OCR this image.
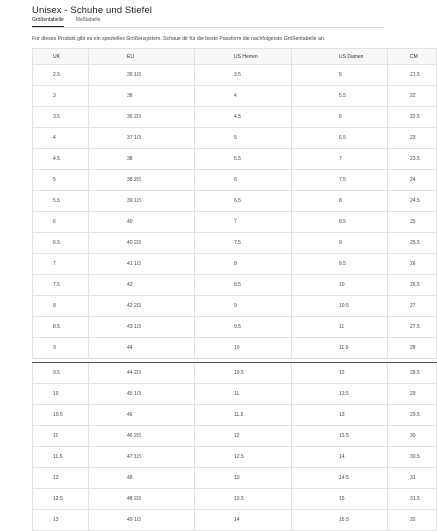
Unisex - Schuhe und Stiefel
Größentabelle Meßtabelle
Für dieses Produkt gibt es ein spezielles Größensystem. Schaue dir für die beste Passform die nachfolgende Größentabelle an.
UK	EU	US Herren	US Damen	CM
2.5	35 1/3	3.5	5	21.5
3	36	4	5.5	22
3.5	36 2/3	4.5	6	22.5
4	37 1/3	5	6.5	23
4.5	38	5.5	7	23.5
5	38 2/3	6	7.5	24
5.5	39 1/3	6.5	8	24.5
6	40	7	8.5	25
6.5	40 2/3	7.5	9	25.5
7	41 1/3	8	9.5	26
7.5	42	8.5	10	26.5
8	42 2/3	9	10.5	27
8.5	43 1/3	9.5	11	27.5
9	44	10	11.5	28

9.5	44 2/3	10.5	12	28.5
10	45 1/3	11	12.5	29
10.5	46	11.5	13	29.5
11	46 2/3	12	13.5	30
11.5	47 1/3	12.5	14	30.5
12	48	13	14.5	31
12.5	48 2/3	13.5	15	31.5
13	49 1/3	14	15.5	32
